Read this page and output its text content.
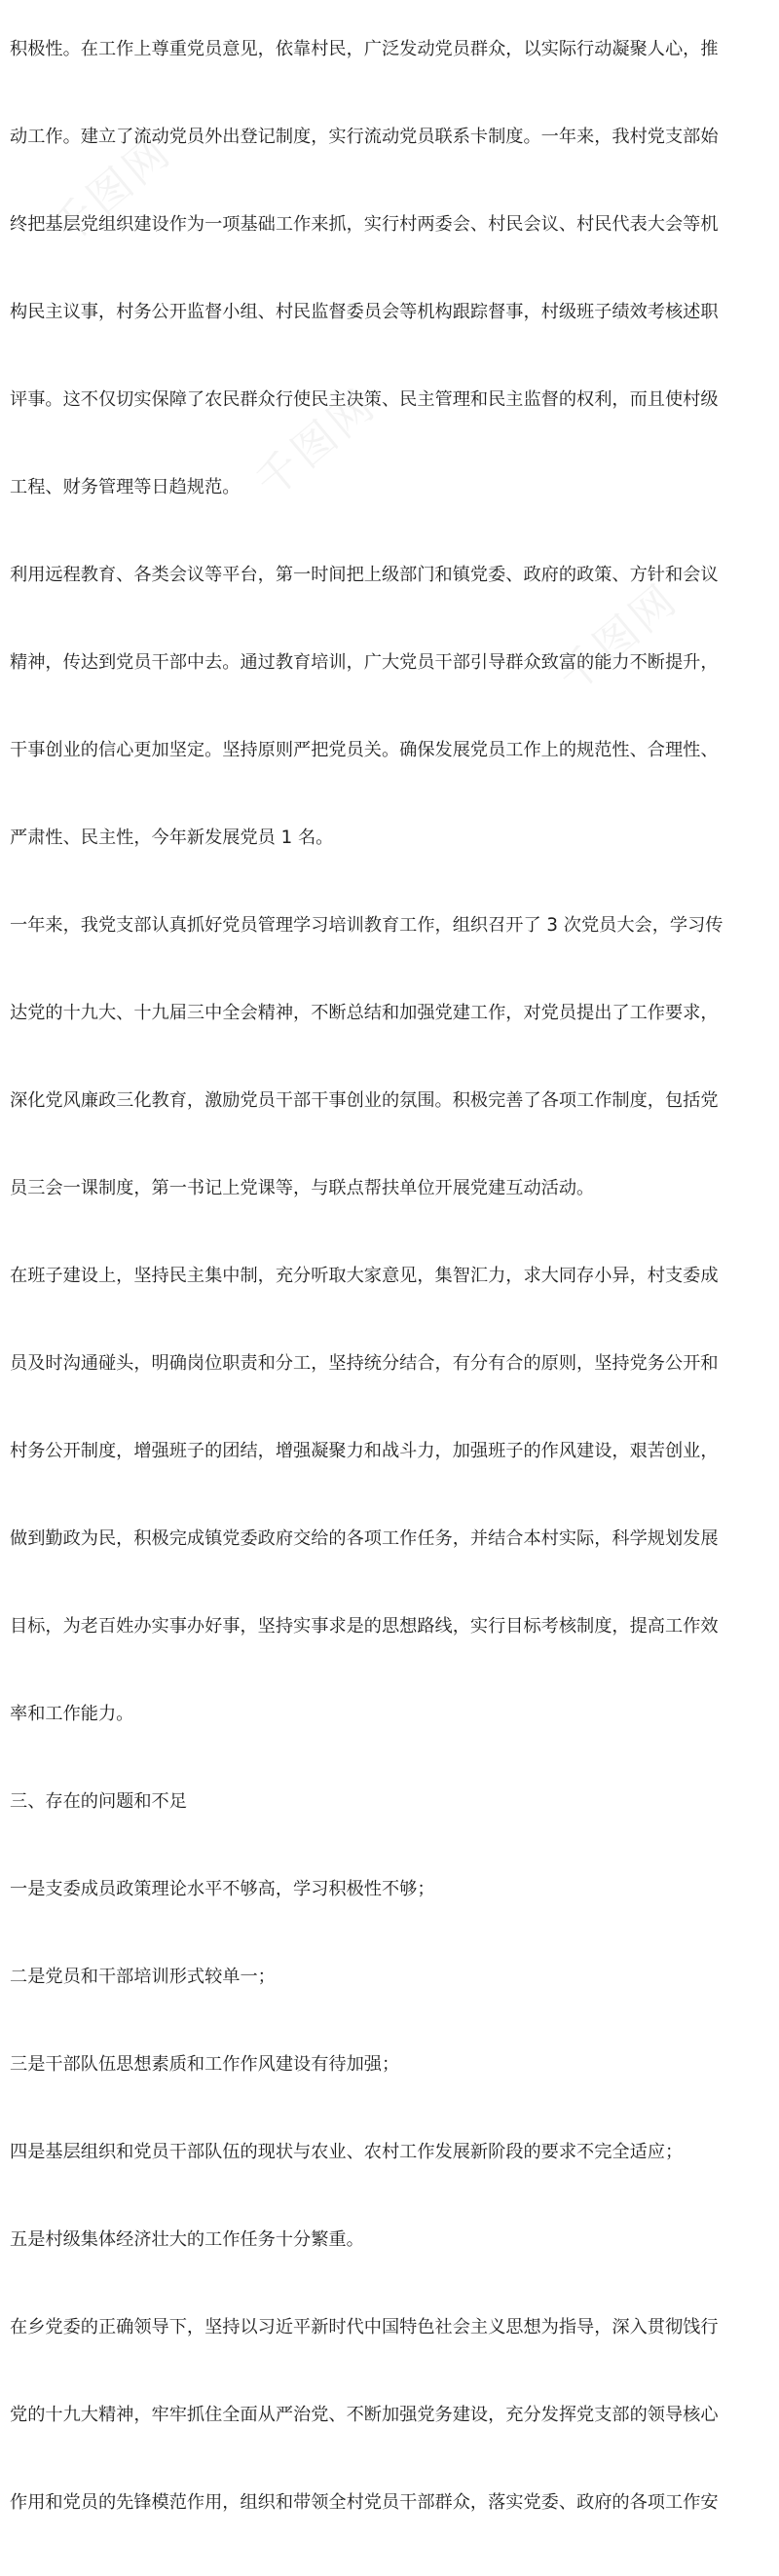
积极性。在工作上尊重党员意见，依靠村民，广泛发动党员群众，以实际行动凝聚人心，推

动工作。建立了流动党员外出登记制度，实行流动党员联系卡制度。一年来，我村党支部始

终把基层党组织建设作为一项基础工作来抓，实行村两委会、村民会议、村民代表大会等机

构民主议事，村务公开监督小组、村民监督委员会等机构跟踪督事，村级班子绩效考核述职

评事。这不仅切实保障了农民群众行使民主决策、民主管理和民主监督的权利，而且使村级

工程、财务管理等日趋规范。

利用远程教育、各类会议等平台，第一时间把上级部门和镇党委、政府的政策、方针和会议

精神，传达到党员干部中去。通过教育培训，广大党员干部引导群众致富的能力不断提升，

干事创业的信心更加坚定。坚持原则严把党员关。确保发展党员工作上的规范性、合理性、

严肃性、民主性，今年新发展党员 1 名。

一年来，我党支部认真抓好党员管理学习培训教育工作，组织召开了 3 次党员大会，学习传

达党的十九大、十九届三中全会精神，不断总结和加强党建工作，对党员提出了工作要求，

深化党风廉政三化教育，激励党员干部干事创业的氛围。积极完善了各项工作制度，包括党

员三会一课制度，第一书记上党课等，与联点帮扶单位开展党建互动活动。

在班子建设上，坚持民主集中制，充分听取大家意见，集智汇力，求大同存小异，村支委成

员及时沟通碰头，明确岗位职责和分工，坚持统分结合，有分有合的原则，坚持党务公开和

村务公开制度，增强班子的团结，增强凝聚力和战斗力，加强班子的作风建设，艰苦创业，

做到勤政为民，积极完成镇党委政府交给的各项工作任务，并结合本村实际，科学规划发展

目标，为老百姓办实事办好事，坚持实事求是的思想路线，实行目标考核制度，提高工作效

率和工作能力。

三、存在的问题和不足

一是支委成员政策理论水平不够高，学习积极性不够；

二是党员和干部培训形式较单一；

三是干部队伍思想素质和工作作风建设有待加强；

四是基层组织和党员干部队伍的现状与农业、农村工作发展新阶段的要求不完全适应；

五是村级集体经济壮大的工作任务十分繁重。

在乡党委的正确领导下，坚持以习近平新时代中国特色社会主义思想为指导，深入贯彻饯行

党的十九大精神，牢牢抓住全面从严治党、不断加强党务建设，充分发挥党支部的领导核心

作用和党员的先锋模范作用，组织和带领全村党员干部群众，落实党委、政府的各项工作安

千图网
千图网
千图网
